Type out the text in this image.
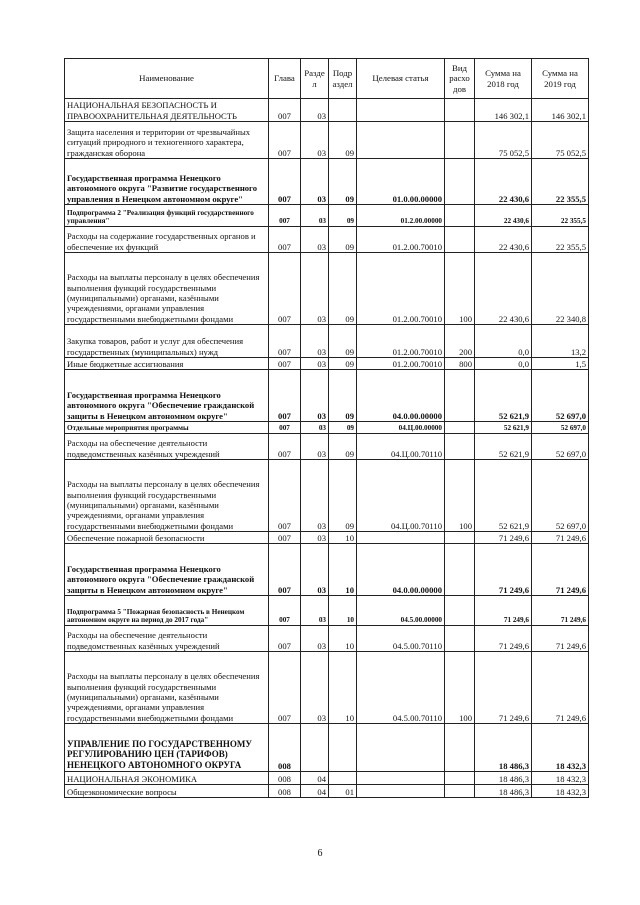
Наименование	Глава	Разде л	Подр аздел	Целевая статья	Вид расхо дов	Сумма на 2018 год	Сумма на 2019 год
НАЦИОНАЛЬНАЯ БЕЗОПАСНОСТЬ И ПРАВООХРАНИТЕЛЬНАЯ ДЕЯТЕЛЬНОСТЬ	007	03				146 302,1	146 302,1
Защита населения и территории от чрезвычайных ситуаций природного и техногенного характера, гражданская оборона	007	03	09			75 052,5	75 052,5
Государственная программа Ненецкого автономного округа "Развитие государственного управления в Ненецком автономном округе"	007	03	09	01.0.00.00000		22 430,6	22 355,5
Подпрограмма 2 "Реализация функций государственного управления"	007	03	09	01.2.00.00000		22 430,6	22 355,5
Расходы на содержание государственных органов и обеспечение их функций	007	03	09	01.2.00.70010		22 430,6	22 355,5
Расходы на выплаты персоналу в целях обеспечения выполнения функций государственными (муниципальными) органами, казёнными учреждениями, органами управления государственными внебюджетными фондами	007	03	09	01.2.00.70010	100	22 430,6	22 340,8
Закупка товаров, работ и услуг для обеспечения государственных (муниципальных) нужд	007	03	09	01.2.00.70010	200	0,0	13,2
Иные бюджетные ассигнования	007	03	09	01.2.00.70010	800	0,0	1,5
Государственная программа Ненецкого автономного округа "Обеспечение гражданской защиты в Ненецком автономном округе"	007	03	09	04.0.00.00000		52 621,9	52 697,0
Отдельные мероприятия программы	007	03	09	04.Ц.00.00000		52 621,9	52 697,0
Расходы на обеспечение деятельности подведомственных казённых учреждений	007	03	09	04.Ц.00.70110		52 621,9	52 697,0
Расходы на выплаты персоналу в целях обеспечения выполнения функций государственными (муниципальными) органами, казёнными учреждениями, органами управления государственными внебюджетными фондами	007	03	09	04.Ц.00.70110	100	52 621,9	52 697,0
Обеспечение пожарной безопасности	007	03	10			71 249,6	71 249,6
Государственная программа Ненецкого автономного округа "Обеспечение гражданской защиты в Ненецком автономном округе"	007	03	10	04.0.00.00000		71 249,6	71 249,6
Подпрограмма 5 "Пожарная безопасность в Ненецком автономном округе на период до 2017 года"	007	03	10	04.5.00.00000		71 249,6	71 249,6
Расходы на обеспечение деятельности подведомственных казённых учреждений	007	03	10	04.5.00.70110		71 249,6	71 249,6
Расходы на выплаты персоналу в целях обеспечения выполнения функций государственными (муниципальными) органами, казёнными учреждениями, органами управления государственными внебюджетными фондами	007	03	10	04.5.00.70110	100	71 249,6	71 249,6
УПРАВЛЕНИЕ ПО ГОСУДАРСТВЕННОМУ РЕГУЛИРОВАНИЮ ЦЕН (ТАРИФОВ) НЕНЕЦКОГО АВТОНОМНОГО ОКРУГА	008					18 486,3	18 432,3
НАЦИОНАЛЬНАЯ ЭКОНОМИКА	008	04				18 486,3	18 432,3
Общеэкономические вопросы	008	04	01			18 486,3	18 432,3
6
